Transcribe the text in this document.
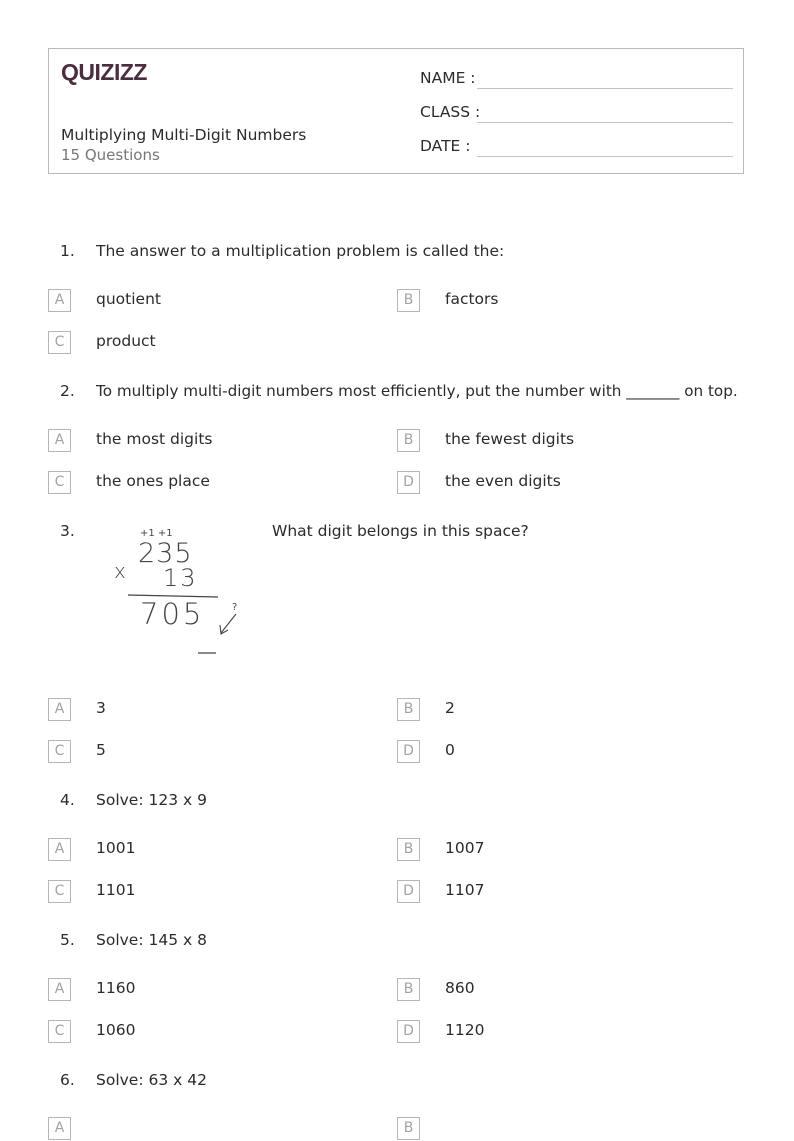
QUIZIZZ
Multiplying Multi-Digit Numbers
15 Questions
NAME :
CLASS :
DATE :
1. The answer to a multiplication problem is called the:
A	quotient	B	factors
C	product
2. To multiply multi-digit numbers most efficiently, put the number with _______ on top.
A	the most digits	B	the fewest digits
C	the ones place	D	the even digits
3.	+1 +1
235
x 13
705	?
What digit belongs in this space?
A	3	B	2
C	5	D	0
4. Solve: 123 x 9
A	1001	B	1007
C	1101	D	1107
5. Solve: 145 x 8
A	1160	B	860
C	1060	D	1120
6. Solve: 63 x 42
A	B
